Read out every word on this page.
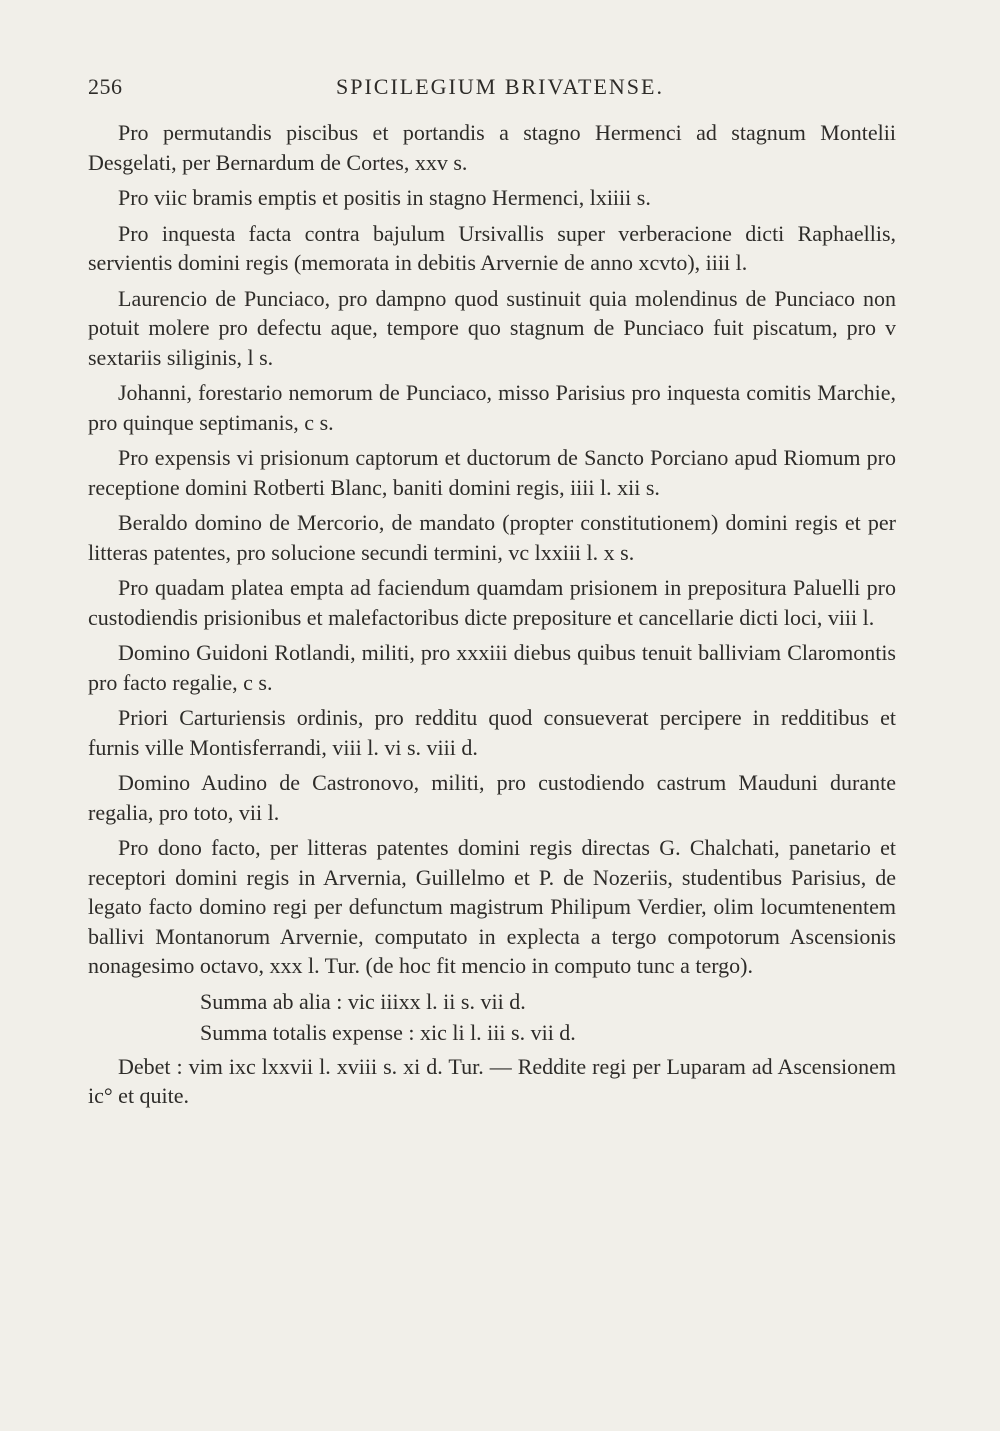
256	SPICILEGIUM BRIVATENSE.

Pro permutandis piscibus et portandis a stagno Hermenci ad stagnum Montelii Desgelati, per Bernardum de Cortes, xxv s.

Pro viic bramis emptis et positis in stagno Hermenci, lxiiii s.

Pro inquesta facta contra bajulum Ursivallis super verberacione dicti Raphaellis, servientis domini regis (memorata in debitis Arvernie de anno xcvto), iiii l.

Laurencio de Punciaco, pro dampno quod sustinuit quia molendinus de Punciaco non potuit molere pro defectu aque, tempore quo stagnum de Punciaco fuit piscatum, pro v sextariis siliginis, l s.

Johanni, forestario nemorum de Punciaco, misso Parisius pro inquesta comitis Marchie, pro quinque septimanis, c s.

Pro expensis vi prisionum captorum et ductorum de Sancto Porciano apud Riomum pro receptione domini Rotberti Blanc, baniti domini regis, iiii l. xii s.

Beraldo domino de Mercorio, de mandato (propter constitutionem) domini regis et per litteras patentes, pro solucione secundi termini, vc lxxiii l. x s.

Pro quadam platea empta ad faciendum quamdam prisionem in prepositura Paluelli pro custodiendis prisionibus et malefactoribus dicte prepositure et cancellarie dicti loci, viii l.

Domino Guidoni Rotlandi, militi, pro xxxiii diebus quibus tenuit balliviam Claromontis pro facto regalie, c s.

Priori Carturiensis ordinis, pro redditu quod consueverat percipere in redditibus et furnis ville Montisferrandi, viii l. vi s. viii d.

Domino Audino de Castronovo, militi, pro custodiendo castrum Mauduni durante regalia, pro toto, vii l.

Pro dono facto, per litteras patentes domini regis directas G. Chalchati, panetario et receptori domini regis in Arvernia, Guillelmo et P. de Nozeriis, studentibus Parisius, de legato facto domino regi per defunctum magistrum Philipum Verdier, olim locumtenentem ballivi Montanorum Arvernie, computato in explecta a tergo compotorum Ascensionis nonagesimo octavo, xxx l. Tur. (de hoc fit mencio in computo tunc a tergo).

Summa ab alia : vic iiixx l. ii s. vii d.

Summa totalis expense : xic li l. iii s. vii d.

Debet : vim ixc lxxvii l. xviii s. xi d. Tur. — Reddite regi per Luparam ad Ascensionem ic° et quite.
